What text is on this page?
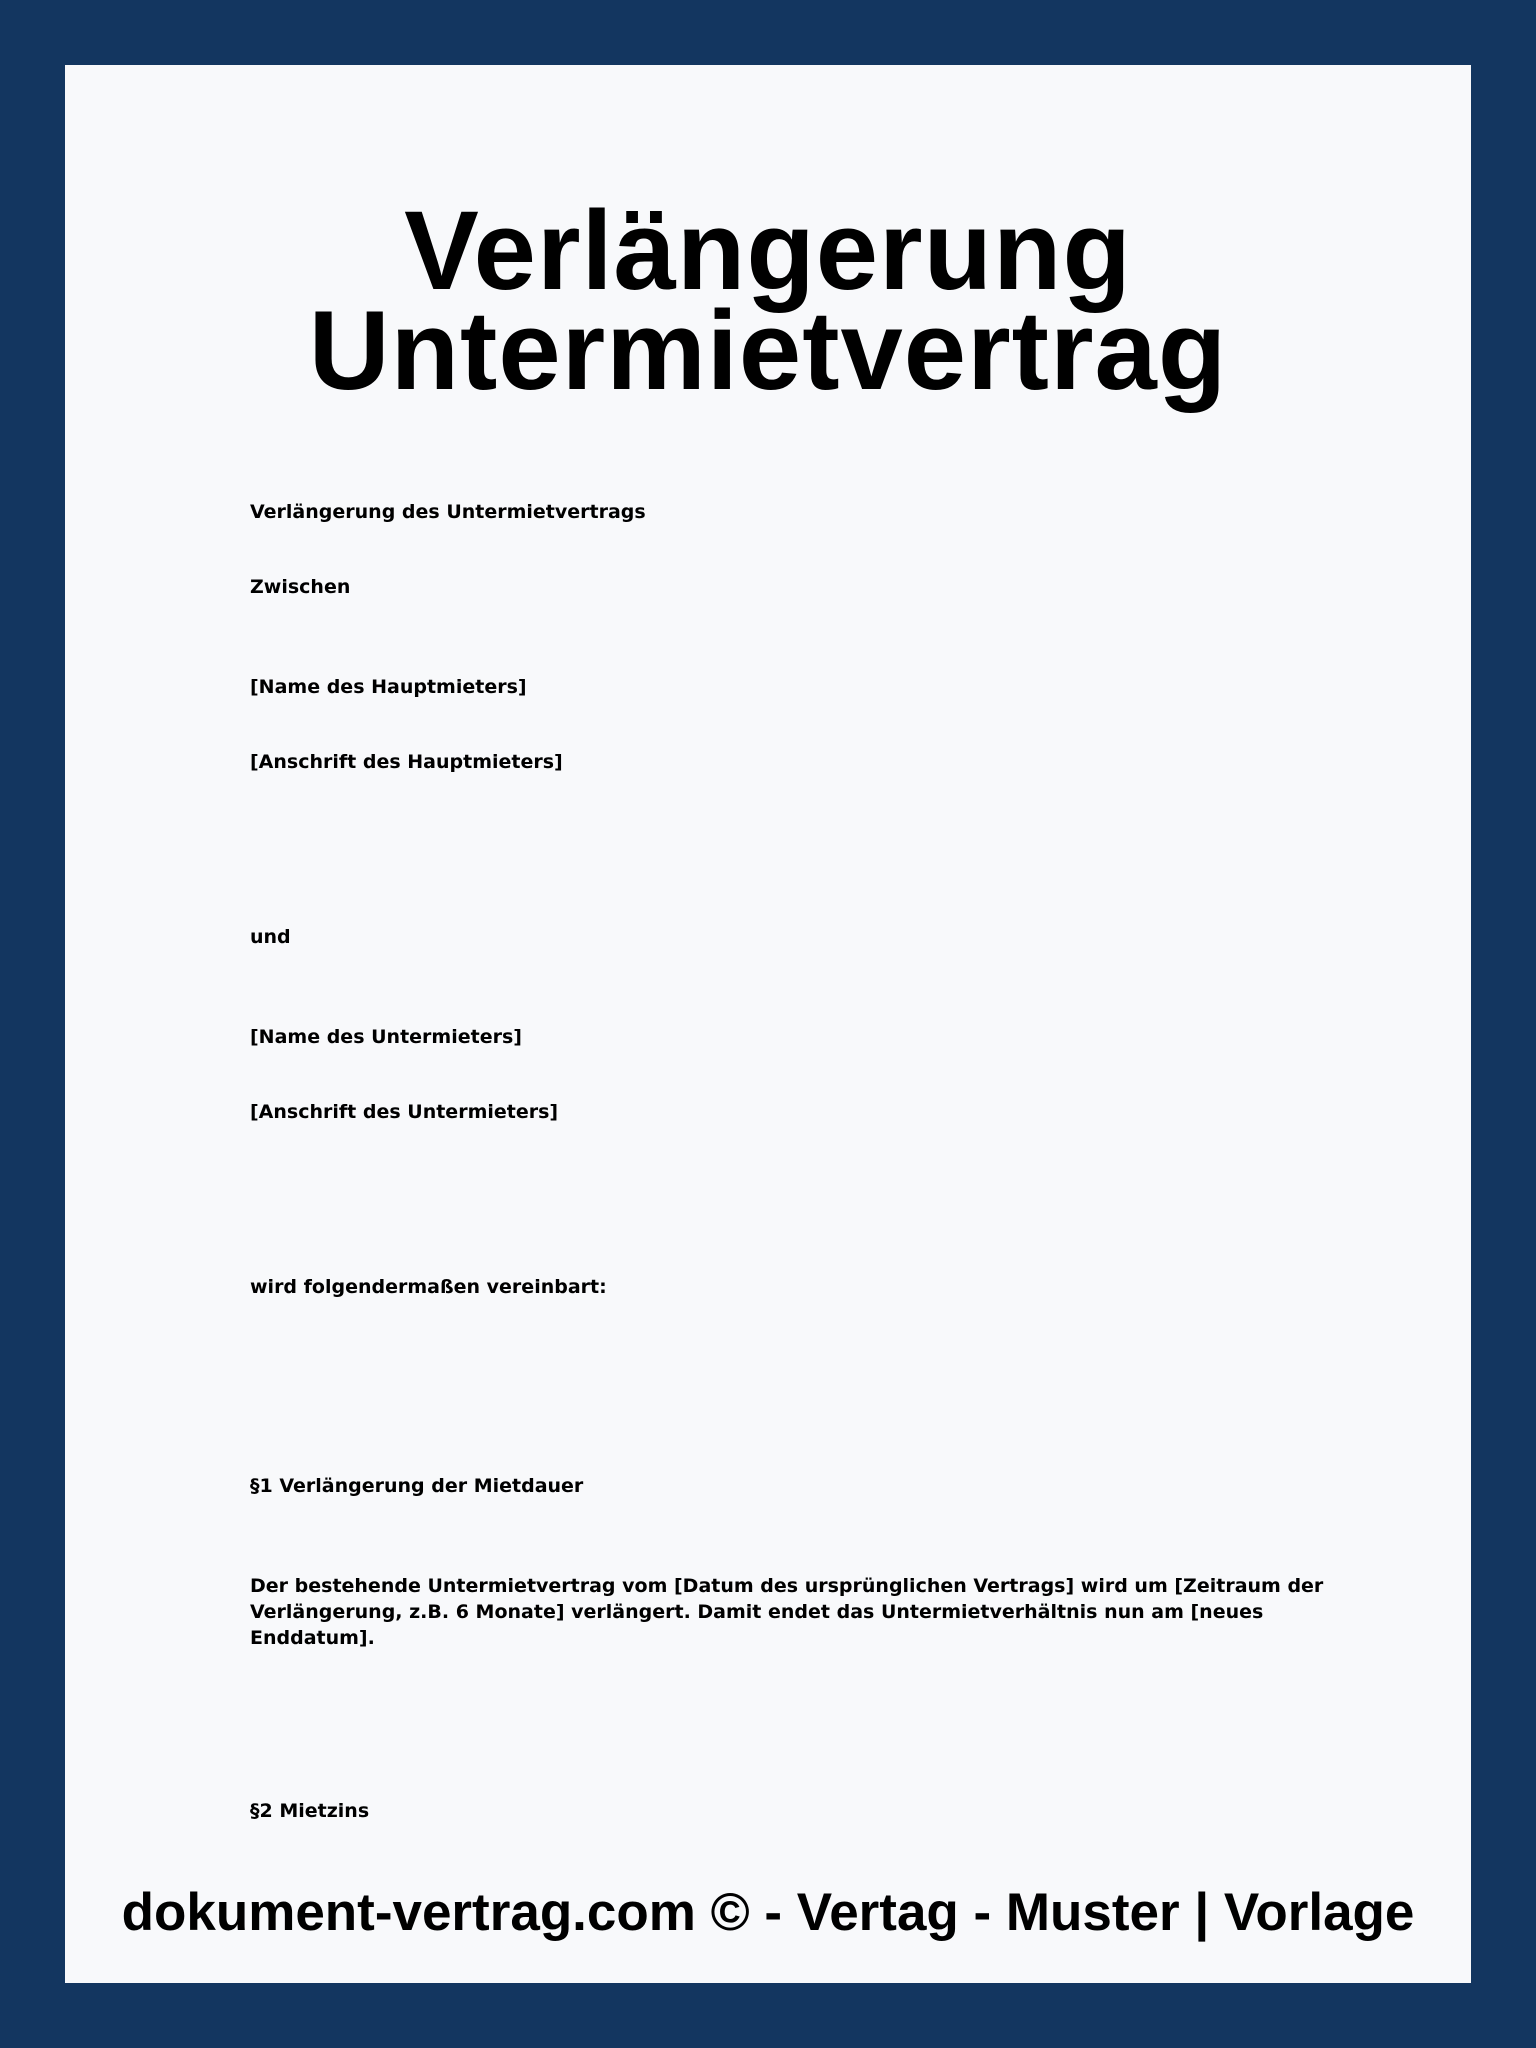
Verlängerung
Untermietvertrag

Verlängerung des Untermietvertrags

Zwischen

[Name des Hauptmieters]

[Anschrift des Hauptmieters]

und

[Name des Untermieters]

[Anschrift des Untermieters]

wird folgendermaßen vereinbart:

§1 Verlängerung der Mietdauer

Der bestehende Untermietvertrag vom [Datum des ursprünglichen Vertrags] wird um [Zeitraum der Verlängerung, z.B. 6 Monate] verlängert. Damit endet das Untermietverhältnis nun am [neues Enddatum].

§2 Mietzins

dokument-vertrag.com © - Vertag - Muster | Vorlage
